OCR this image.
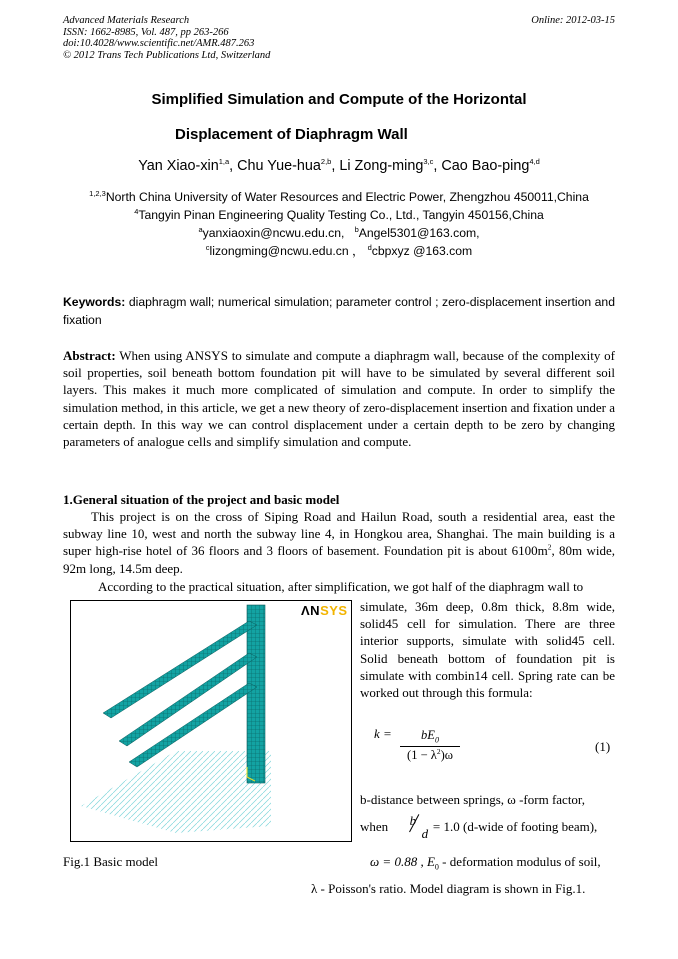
Advanced Materials Research
ISSN: 1662-8985, Vol. 487, pp 263-266
doi:10.4028/www.scientific.net/AMR.487.263
© 2012 Trans Tech Publications Ltd, Switzerland
Online: 2012-03-15
Simplified Simulation and Compute of the Horizontal
Displacement of Diaphragm Wall
Yan Xiao-xin$^{1,a}$, Chu Yue-hua$^{2,b}$, Li Zong-ming$^{3,c}$, Cao Bao-ping$^{4,d}$
$^{1,2,3}$North China University of Water Resources and Electric Power, Zhengzhou 450011,China
$^4$Tangyin Pinan Engineering Quality Testing Co., Ltd., Tangyin 450156,China
$^a$yanxiaoxin@ncwu.edu.cn, $^b$Angel5301@163.com,
$^c$lizongming@ncwu.edu.cn ， $^d$cbpxyz @163.com
Keywords: diaphragm wall; numerical simulation; parameter control ; zero-displacement insertion and fixation
Abstract: When using ANSYS to simulate and compute a diaphragm wall, because of the complexity of soil properties, soil beneath bottom foundation pit will have to be simulated by several different soil layers. This makes it much more complicated of simulation and compute. In order to simplify the simulation method, in this article, we get a new theory of zero-displacement insertion and fixation under a certain depth. In this way we can control displacement under a certain depth to be zero by changing parameters of analogue cells and simplify simulation and compute.
1.General situation of the project and basic model
This project is on the cross of Siping Road and Hailun Road, south a residential area, east the subway line 10, west and north the subway line 4, in Hongkou area, Shanghai. The main building is a super high-rise hotel of 36 floors and 3 floors of basement. Foundation pit is about $6100m^2$, 80m wide, 92m long, 14.5m deep.
According to the practical situation, after simplification, we got half of the diaphragm wall to
simulate, 36m deep, 0.8m thick, 8.8m wide, solid45 cell for simulation. There are three interior supports, simulate with solid45 cell. Solid beneath bottom of foundation pit is simulate with combin14 cell. Spring rate can be worked out through this formula:
ΛNSYS
k =	$bE_0$
$(1 - \lambda^2)\omega$
(1)
b-distance between springs, ω -form factor,
when b
d = 1.0 (d-wide of footing beam),
Fig.1 Basic model	ω = 0.88 , $E_0$ - deformation modulus of soil,
λ - Poisson's ratio. Model diagram is shown in Fig.1.
